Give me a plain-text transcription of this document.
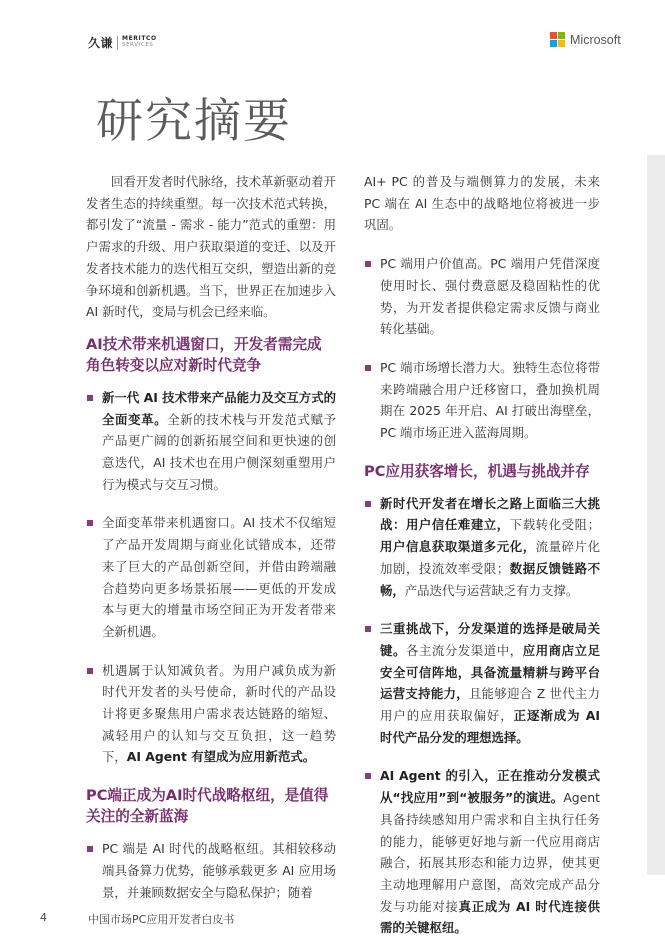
久谦 MERITCO
SERVICES	Microsoft
研究摘要

回看开发者时代脉络，技术革新驱动着开发者生态的持续重塑。每一次技术范式转换，都引发了“流量 - 需求 - 能力”范式的重塑：用户需求的升级、用户获取渠道的变迁、以及开发者技术能力的迭代相互交织，塑造出新的竞争环境和创新机遇。当下，世界正在加速步入 AI 新时代，变局与机会已经来临。

AI技术带来机遇窗口，开发者需完成角色转变以应对新时代竞争
新一代 AI 技术带来产品能力及交互方式的全面变革。全新的技术栈与开发范式赋予产品更广阔的创新拓展空间和更快速的创意迭代，AI 技术也在用户侧深刻重塑用户行为模式与交互习惯。
全面变革带来机遇窗口。AI 技术不仅缩短了产品开发周期与商业化试错成本，还带来了巨大的产品创新空间，并借由跨端融合趋势向更多场景拓展——更低的开发成本与更大的增量市场空间正为开发者带来全新机遇。
机遇属于认知减负者。为用户减负成为新时代开发者的头号使命，新时代的产品设计将更多聚焦用户需求表达链路的缩短、减轻用户的认知与交互负担，这一趋势下，AI Agent 有望成为应用新范式。
PC端正成为AI时代战略枢纽，是值得关注的全新蓝海
PC 端是 AI 时代的战略枢纽。其相较移动端具备算力优势，能够承载更多 AI 应用场景，并兼顾数据安全与隐私保护；随着

AI+ PC 的普及与端侧算力的发展，未来 PC 端在 AI 生态中的战略地位将被进一步巩固。

PC 端用户价值高。PC 端用户凭借深度使用时长、强付费意愿及稳固粘性的优势，为开发者提供稳定需求反馈与商业转化基础。
PC 端市场增长潜力大。独特生态位将带来跨端融合用户迁移窗口，叠加换机周期在 2025 年开启、AI 打破出海壁垒，PC 端市场正进入蓝海周期。
PC应用获客增长，机遇与挑战并存
新时代开发者在增长之路上面临三大挑战：用户信任难建立，下载转化受阻；用户信息获取渠道多元化，流量碎片化加剧，投流效率受限；数据反馈链路不畅，产品迭代与运营缺乏有力支撑。
三重挑战下，分发渠道的选择是破局关键。各主流分发渠道中，应用商店立足安全可信阵地，具备流量精耕与跨平台运营支持能力，且能够迎合 Z 世代主力用户的应用获取偏好，正逐渐成为 AI 时代产品分发的理想选择。
AI Agent 的引入，正在推动分发模式从“找应用”到“被服务”的演进。Agent 具备持续感知用户需求和自主执行任务的能力，能够更好地与新一代应用商店融合，拓展其形态和能力边界，使其更主动地理解用户意图，高效完成产品分发与功能对接真正成为 AI 时代连接供需的关键枢纽。
4	中国市场PC应用开发者白皮书
